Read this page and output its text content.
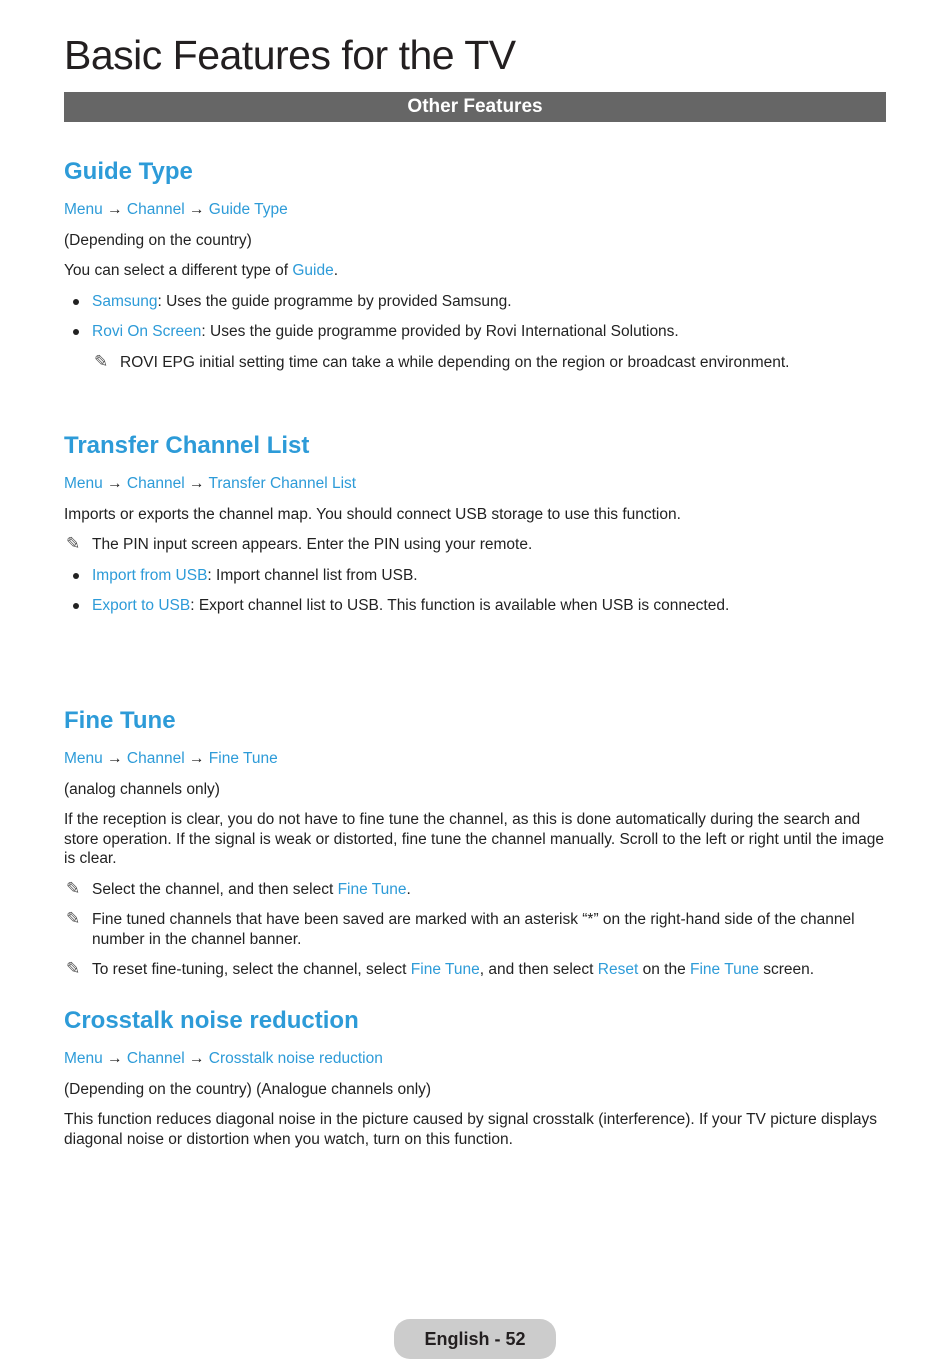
Basic Features for the TV
Other Features
Guide Type

Menu → Channel → Guide Type

(Depending on the country)

You can select a different type of Guide.

Samsung: Uses the guide programme by provided Samsung.
Rovi On Screen: Uses the guide programme provided by Rovi International Solutions.
✎ ROVI EPG initial setting time can take a while depending on the region or broadcast environment.
Transfer Channel List

Menu → Channel → Transfer Channel List

Imports or exports the channel map. You should connect USB storage to use this function.

✎ The PIN input screen appears. Enter the PIN using your remote.
Import from USB: Import channel list from USB.
Export to USB: Export channel list to USB. This function is available when USB is connected.
Fine Tune

Menu → Channel → Fine Tune

(analog channels only)

If the reception is clear, you do not have to fine tune the channel, as this is done automatically during the search and store operation. If the signal is weak or distorted, fine tune the channel manually. Scroll to the left or right until the image is clear.

✎ Select the channel, and then select Fine Tune.
✎ Fine tuned channels that have been saved are marked with an asterisk “*” on the right-hand side of the channel number in the channel banner.
✎ To reset fine-tuning, select the channel, select Fine Tune, and then select Reset on the Fine Tune screen.
Crosstalk noise reduction

Menu → Channel → Crosstalk noise reduction

(Depending on the country) (Analogue channels only)

This function reduces diagonal noise in the picture caused by signal crosstalk (interference). If your TV picture displays diagonal noise or distortion when you watch, turn on this function.

English - 52
